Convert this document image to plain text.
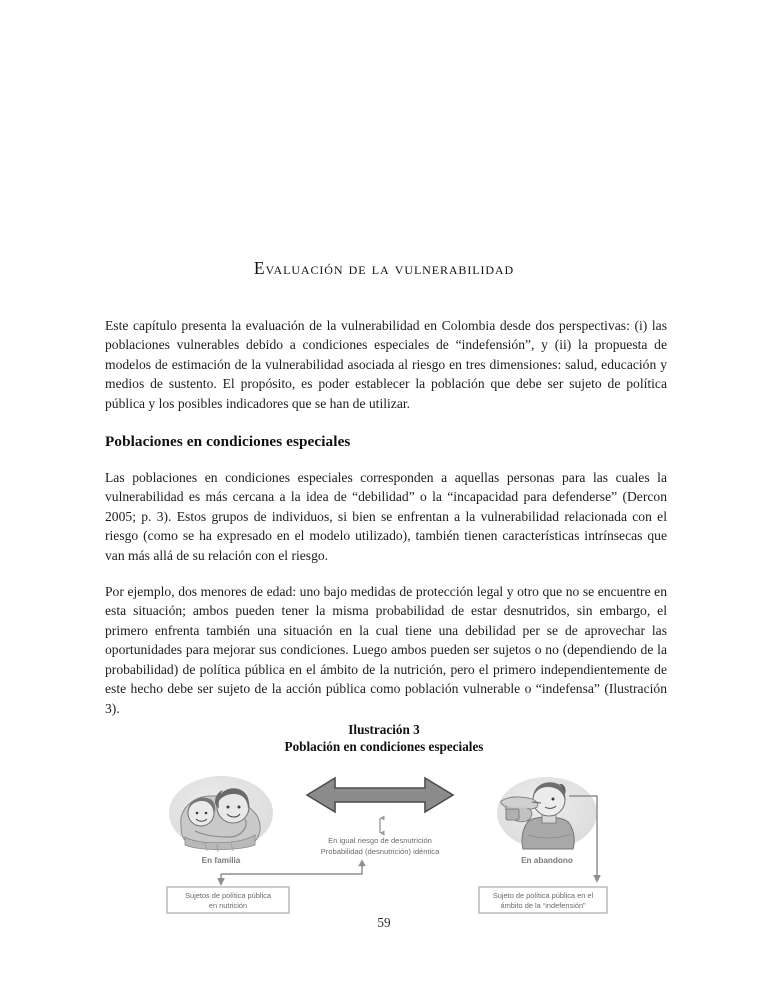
Evaluación de la vulnerabilidad

Este capítulo presenta la evaluación de la vulnerabilidad en Colombia desde dos perspectivas: (i) las poblaciones vulnerables debido a condiciones especiales de “indefensión”, y (ii) la propuesta de modelos de estimación de la vulnerabilidad asociada al riesgo en tres dimensiones: salud, educación y medios de sustento. El propósito, es poder establecer la población que debe ser sujeto de política pública y los posibles indicadores que se han de utilizar.

Poblaciones en condiciones especiales

Las poblaciones en condiciones especiales corresponden a aquellas personas para las cuales la vulnerabilidad es más cercana a la idea de “debilidad” o la “incapacidad para defenderse” (Dercon 2005; p. 3). Estos grupos de individuos, si bien se enfrentan a la vulnerabilidad relacionada con el riesgo (como se ha expresado en el modelo utilizado), también tienen características intrínsecas que van más allá de su relación con el riesgo.

Por ejemplo, dos menores de edad: uno bajo medidas de protección legal y otro que no se encuentre en esta situación; ambos pueden tener la misma probabilidad de estar desnutridos, sin embargo, el primero enfrenta también una situación en la cual tiene una debilidad per se de aprovechar las oportunidades para mejorar sus condiciones. Luego ambos pueden ser sujetos o no (dependiendo de la probabilidad) de política pública en el ámbito de la nutrición, pero el primero independientemente de este hecho debe ser sujeto de la acción pública como población vulnerable o “indefensa” (Ilustración 3).

Ilustración 3
Población en condiciones especiales
En familia	En abandono
En igual riesgo de desnutrición
Probabilidad (desnutrición) idéntica
Sujetos de política pública
en nutrición
Sujeto de política pública en el
ámbito de la “indefensión”
59
